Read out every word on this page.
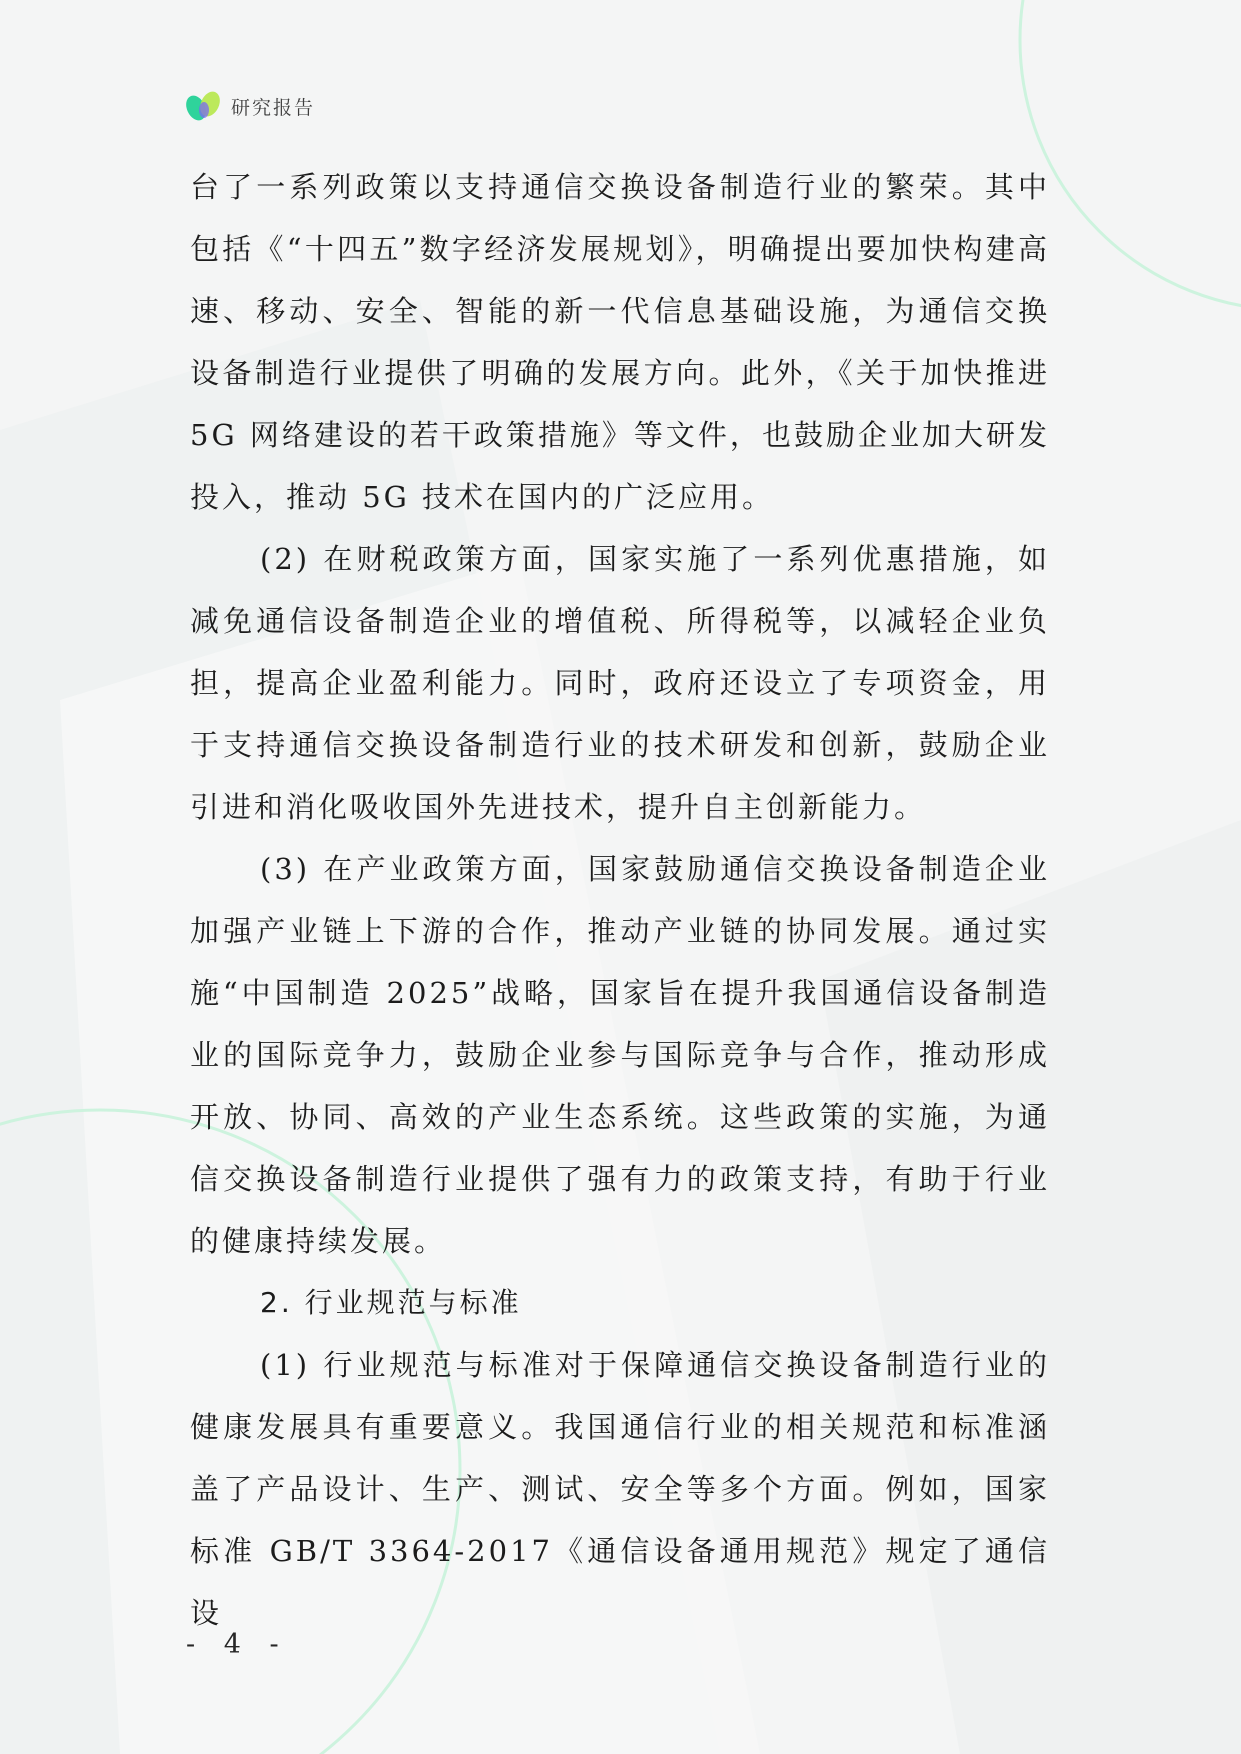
研究报告

台了一系列政策以支持通信交换设备制造行业的繁荣。其中包括《“十四五”数字经济发展规划》，明确提出要加快构建高速、移动、安全、智能的新一代信息基础设施，为通信交换设备制造行业提供了明确的发展方向。此外，《关于加快推进 5G 网络建设的若干政策措施》等文件，也鼓励企业加大研发投入，推动 5G 技术在国内的广泛应用。

(2) 在财税政策方面，国家实施了一系列优惠措施，如减免通信设备制造企业的增值税、所得税等，以减轻企业负担，提高企业盈利能力。同时，政府还设立了专项资金，用于支持通信交换设备制造行业的技术研发和创新，鼓励企业引进和消化吸收国外先进技术，提升自主创新能力。

(3) 在产业政策方面，国家鼓励通信交换设备制造企业加强产业链上下游的合作，推动产业链的协同发展。通过实施“中国制造 2025”战略，国家旨在提升我国通信设备制造业的国际竞争力，鼓励企业参与国际竞争与合作，推动形成开放、协同、高效的产业生态系统。这些政策的实施，为通信交换设备制造行业提供了强有力的政策支持，有助于行业的健康持续发展。

2. 行业规范与标准

(1) 行业规范与标准对于保障通信交换设备制造行业的健康发展具有重要意义。我国通信行业的相关规范和标准涵盖了产品设计、生产、测试、安全等多个方面。例如，国家标准 GB/T 3364-2017《通信设备通用规范》规定了通信设

- 4 -
